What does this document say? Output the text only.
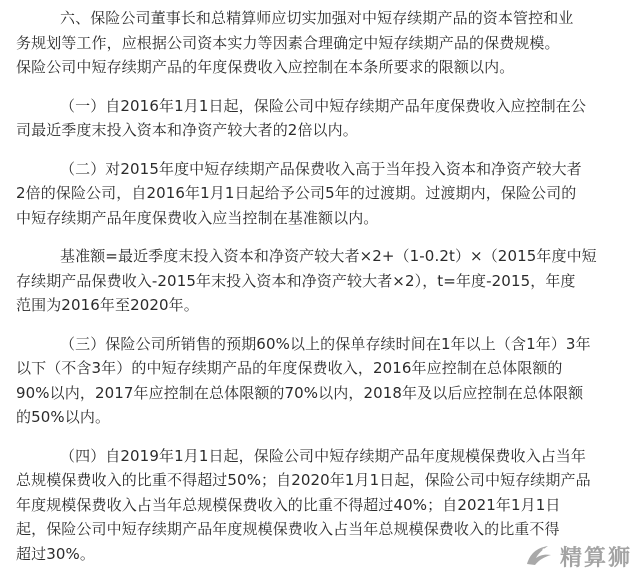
六、保险公司董事长和总精算师应切实加强对中短存续期产品的资本管控和业
务规划等工作，应根据公司资本实力等因素合理确定中短存续期产品的保费规模。
保险公司中短存续期产品的年度保费收入应控制在本条所要求的限额以内。
（一）自2016年1月1日起，保险公司中短存续期产品年度保费收入应控制在公
司最近季度末投入资本和净资产较大者的2倍以内。
（二）对2015年度中短存续期产品保费收入高于当年投入资本和净资产较大者
2倍的保险公司，自2016年1月1日起给予公司5年的过渡期。过渡期内，保险公司的
中短存续期产品年度保费收入应当控制在基准额以内。
基准额=最近季度末投入资本和净资产较大者×2+（1-0.2t）×（2015年度中短
存续期产品保费收入-2015年末投入资本和净资产较大者×2），t=年度-2015，年度
范围为2016年至2020年。
（三）保险公司所销售的预期60%以上的保单存续时间在1年以上（含1年）3年
以下（不含3年）的中短存续期产品的年度保费收入，2016年应控制在总体限额的
90%以内，2017年应控制在总体限额的70%以内，2018年及以后应控制在总体限额
的50%以内。
（四）自2019年1月1日起，保险公司中短存续期产品年度规模保费收入占当年
总规模保费收入的比重不得超过50%；自2020年1月1日起，保险公司中短存续期产品
年度规模保费收入占当年总规模保费收入的比重不得超过40%；自2021年1月1日
起，保险公司中短存续期产品年度规模保费收入占当年总规模保费收入的比重不得
超过30%。	精算狮
